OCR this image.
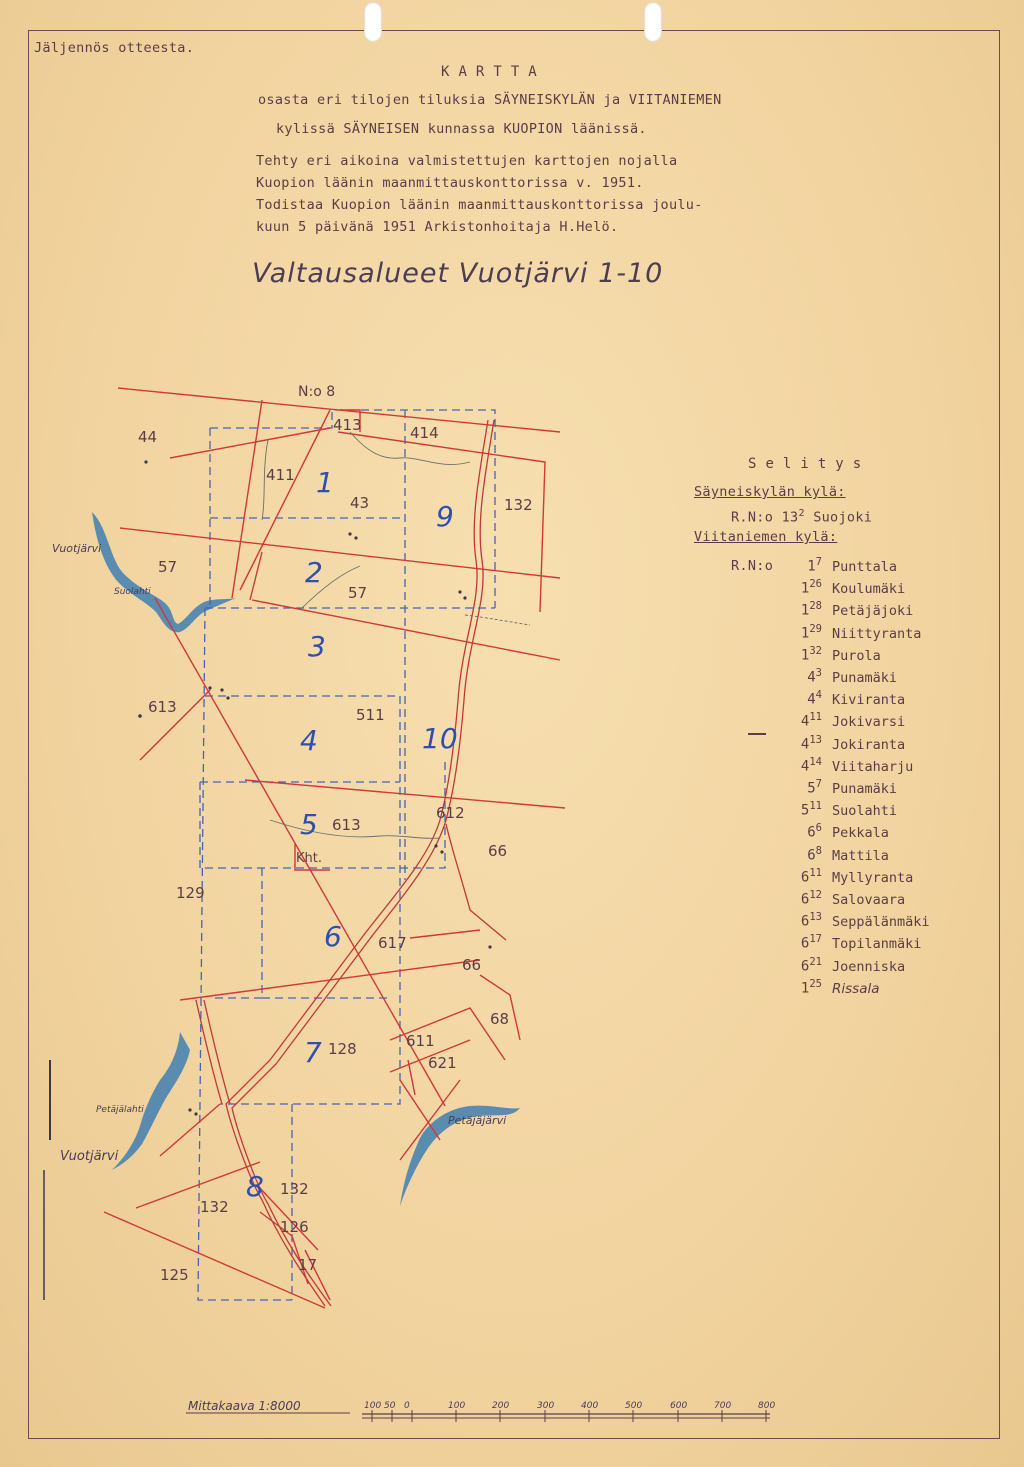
Jäljennös otteesta.
K A R T T A
osasta eri tilojen tiluksia SÄYNEISKYLÄN ja VIITANIEMEN
kylissä SÄYNEISEN kunnassa KUOPION läänissä.
Tehty eri aikoina valmistettujen karttojen nojalla
Kuopion läänin maanmittauskonttorissa v. 1951.
Todistaa Kuopion läänin maanmittauskonttorissa joulu-
kuun 5 päivänä 1951 Arkistonhoitaja H.Helö.
Valtausalueet Vuotjärvi 1-10
S e l i t y s
Säyneiskylän kylä:
R.N:o $13^2$ Suojoki
Viitaniemen kylä:
R.N:o $1^7$ Punttala
$1^{26}$ Koulumäki
$1^{28}$ Petäjäjoki
$1^{29}$ Niittyranta
$1^{32}$ Purola
$4^3$ Punamäki
$4^4$ Kiviranta
$4^{11}$ Jokivarsi
$4^{13}$ Jokiranta
$4^{14}$ Viitaharju
$5^7$ Punamäki
$5^{11}$ Suolahti
$6^6$ Pekkala
$6^8$ Mattila
$6^{11}$ Myllyranta
$6^{12}$ Salovaara
$6^{13}$ Seppälänmäki
$6^{17}$ Topilanmäki
$6^{21}$ Joenniska
$1^{25}$ Rissala
100 50 0	100	200	300	400	500	600	700	800
N:o 8
1
2
3
4
5
6
7
8
9
10
44
411
413	414
43	132
57
57
613	511
613
612
66
129
617
66
128	611
621
68
132
132
126
17
125
Kht.
Vuotjärvi
Suolahti
Petäjälahti
Vuotjärvi
Petäjäjärvi
Mittakaava 1:8000
